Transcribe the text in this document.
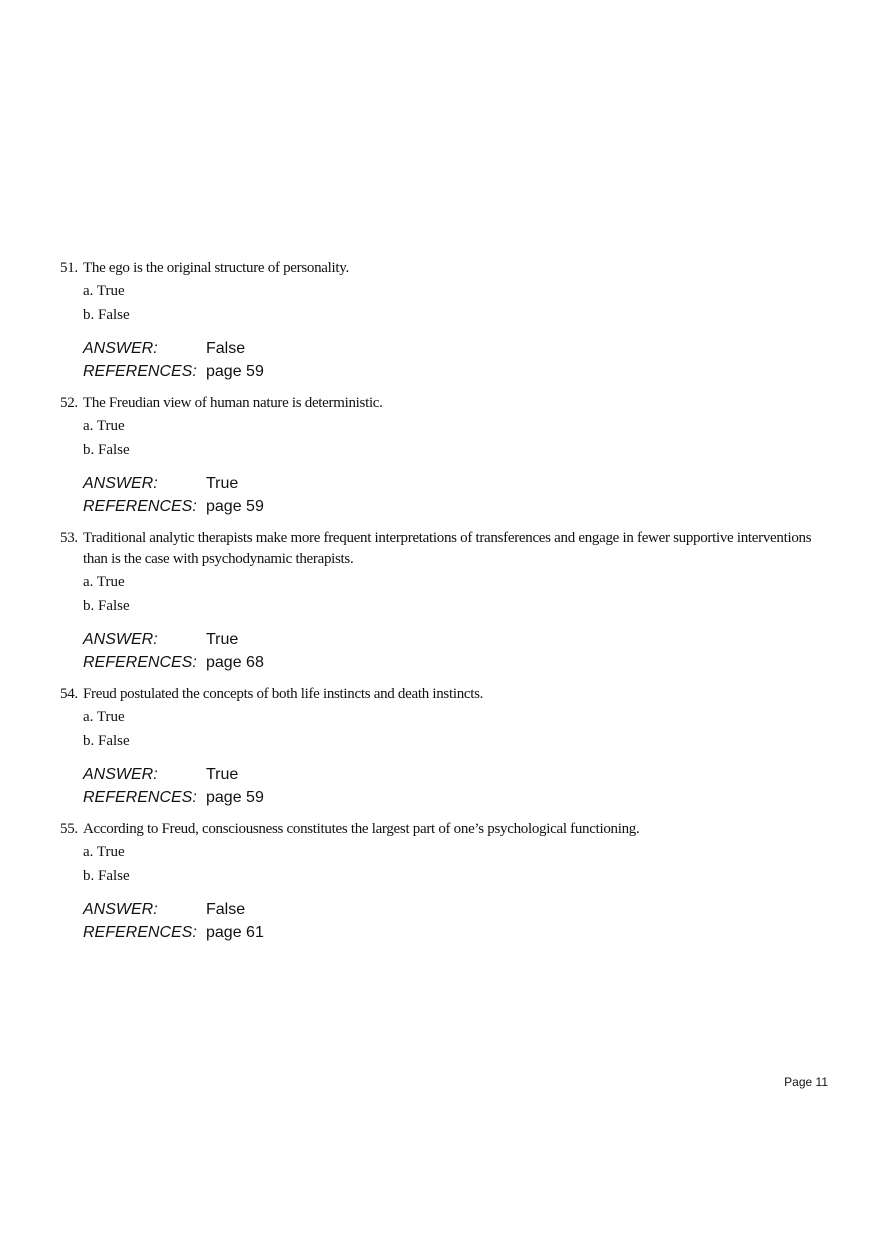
51. The ego is the original structure of personality.
a. True
b. False
ANSWER:	False
REFERENCES: page 59
52. The Freudian view of human nature is deterministic.
a. True
b. False
ANSWER:	True
REFERENCES: page 59
53. Traditional analytic therapists make more frequent interpretations of transferences and engage in fewer supportive interventions than is the case with psychodynamic therapists.
a. True
b. False
ANSWER:	True
REFERENCES: page 68
54. Freud postulated the concepts of both life instincts and death instincts.
a. True
b. False
ANSWER:	True
REFERENCES: page 59
55. According to Freud, consciousness constitutes the largest part of one’s psychological functioning.
a. True
b. False
ANSWER:	False
REFERENCES: page 61
Page 11
